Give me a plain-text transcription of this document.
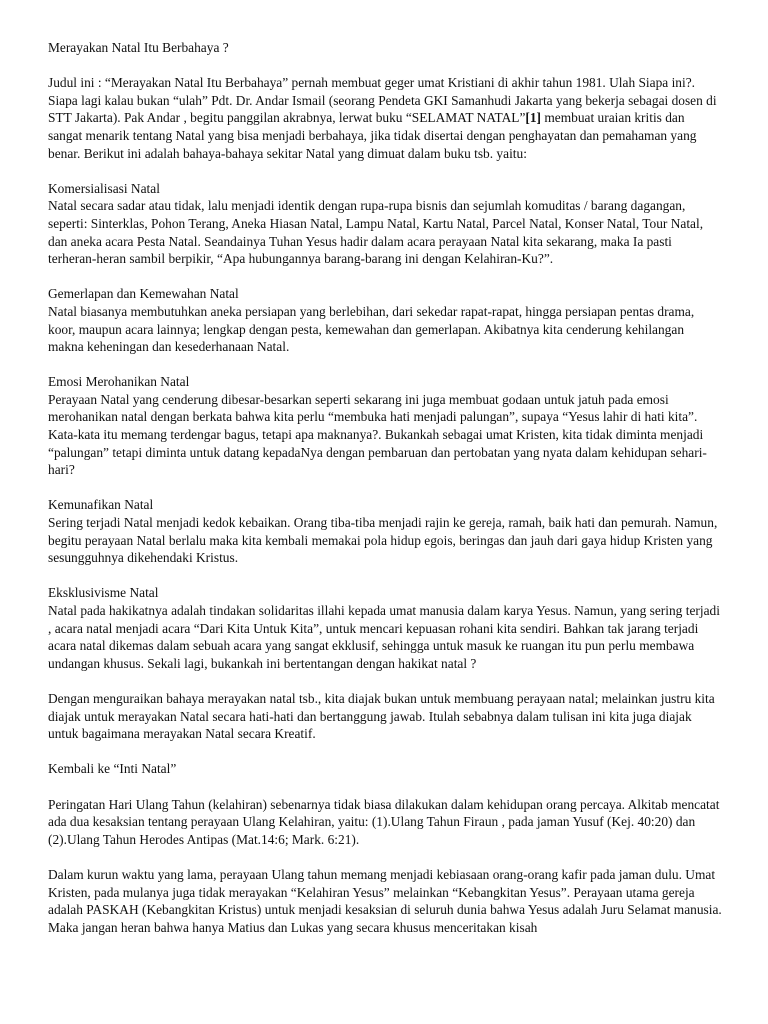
Merayakan Natal Itu Berbahaya ?

Judul ini : “Merayakan Natal Itu Berbahaya” pernah membuat geger umat Kristiani di akhir tahun 1981. Ulah Siapa ini?. Siapa lagi kalau bukan “ulah” Pdt. Dr. Andar Ismail (seorang Pendeta GKI Samanhudi Jakarta yang bekerja sebagai dosen di STT Jakarta). Pak Andar , begitu panggilan akrabnya, lerwat buku “SELAMAT NATAL”[1] membuat uraian kritis dan sangat menarik tentang Natal yang bisa menjadi berbahaya, jika tidak disertai dengan penghayatan dan pemahaman yang benar. Berikut ini adalah bahaya-bahaya sekitar Natal yang dimuat dalam buku tsb. yaitu:

Komersialisasi Natal

Natal secara sadar atau tidak, lalu menjadi identik dengan rupa-rupa bisnis dan sejumlah komuditas / barang dagangan, seperti: Sinterklas, Pohon Terang, Aneka Hiasan Natal, Lampu Natal, Kartu Natal, Parcel Natal, Konser Natal, Tour Natal, dan aneka acara Pesta Natal. Seandainya Tuhan Yesus hadir dalam acara perayaan Natal kita sekarang, maka Ia pasti terheran-heran sambil berpikir, “Apa hubungannya barang-barang ini dengan Kelahiran-Ku?”.

Gemerlapan dan Kemewahan Natal

Natal biasanya membutuhkan aneka persiapan yang berlebihan, dari sekedar rapat-rapat, hingga persiapan pentas drama, koor, maupun acara lainnya; lengkap dengan pesta, kemewahan dan gemerlapan. Akibatnya kita cenderung kehilangan makna keheningan dan kesederhanaan Natal.

Emosi Merohanikan Natal

Perayaan Natal yang cenderung dibesar-besarkan seperti sekarang ini juga membuat godaan untuk jatuh pada emosi merohanikan natal dengan berkata bahwa kita perlu “membuka hati menjadi palungan”, supaya “Yesus lahir di hati kita”. Kata-kata itu memang terdengar bagus, tetapi apa maknanya?. Bukankah sebagai umat Kristen, kita tidak diminta menjadi “palungan” tetapi diminta untuk datang kepadaNya dengan pembaruan dan pertobatan yang nyata dalam kehidupan sehari-hari?

Kemunafikan Natal

Sering terjadi Natal menjadi kedok kebaikan. Orang tiba-tiba menjadi rajin ke gereja, ramah, baik hati dan pemurah. Namun, begitu perayaan Natal berlalu maka kita kembali memakai pola hidup egois, beringas dan jauh dari gaya hidup Kristen yang sesungguhnya dikehendaki Kristus.

Eksklusivisme Natal

Natal pada hakikatnya adalah tindakan solidaritas illahi kepada umat manusia dalam karya Yesus. Namun, yang sering terjadi , acara natal menjadi acara “Dari Kita Untuk Kita”, untuk mencari kepuasan rohani kita sendiri. Bahkan tak jarang terjadi acara natal dikemas dalam sebuah acara yang sangat ekklusif, sehingga untuk masuk ke ruangan itu pun perlu membawa undangan khusus. Sekali lagi, bukankah ini bertentangan dengan hakikat natal ?

Dengan menguraikan bahaya merayakan natal tsb., kita diajak bukan untuk membuang perayaan natal; melainkan justru kita diajak untuk merayakan Natal secara hati-hati dan bertanggung jawab. Itulah sebabnya dalam tulisan ini kita juga diajak untuk bagaimana merayakan Natal secara Kreatif.

Kembali ke “Inti Natal”

Peringatan Hari Ulang Tahun (kelahiran) sebenarnya tidak biasa dilakukan dalam kehidupan orang percaya. Alkitab mencatat ada dua kesaksian tentang perayaan Ulang Kelahiran, yaitu: (1).Ulang Tahun Firaun , pada jaman Yusuf (Kej. 40:20) dan (2).Ulang Tahun Herodes Antipas (Mat.14:6; Mark. 6:21).

Dalam kurun waktu yang lama, perayaan Ulang tahun memang menjadi kebiasaan orang-orang kafir pada jaman dulu. Umat Kristen, pada mulanya juga tidak merayakan “Kelahiran Yesus” melainkan “Kebangkitan Yesus”. Perayaan utama gereja adalah PASKAH (Kebangkitan Kristus) untuk menjadi kesaksian di seluruh dunia bahwa Yesus adalah Juru Selamat manusia. Maka jangan heran bahwa hanya Matius dan Lukas yang secara khusus menceritakan kisah
